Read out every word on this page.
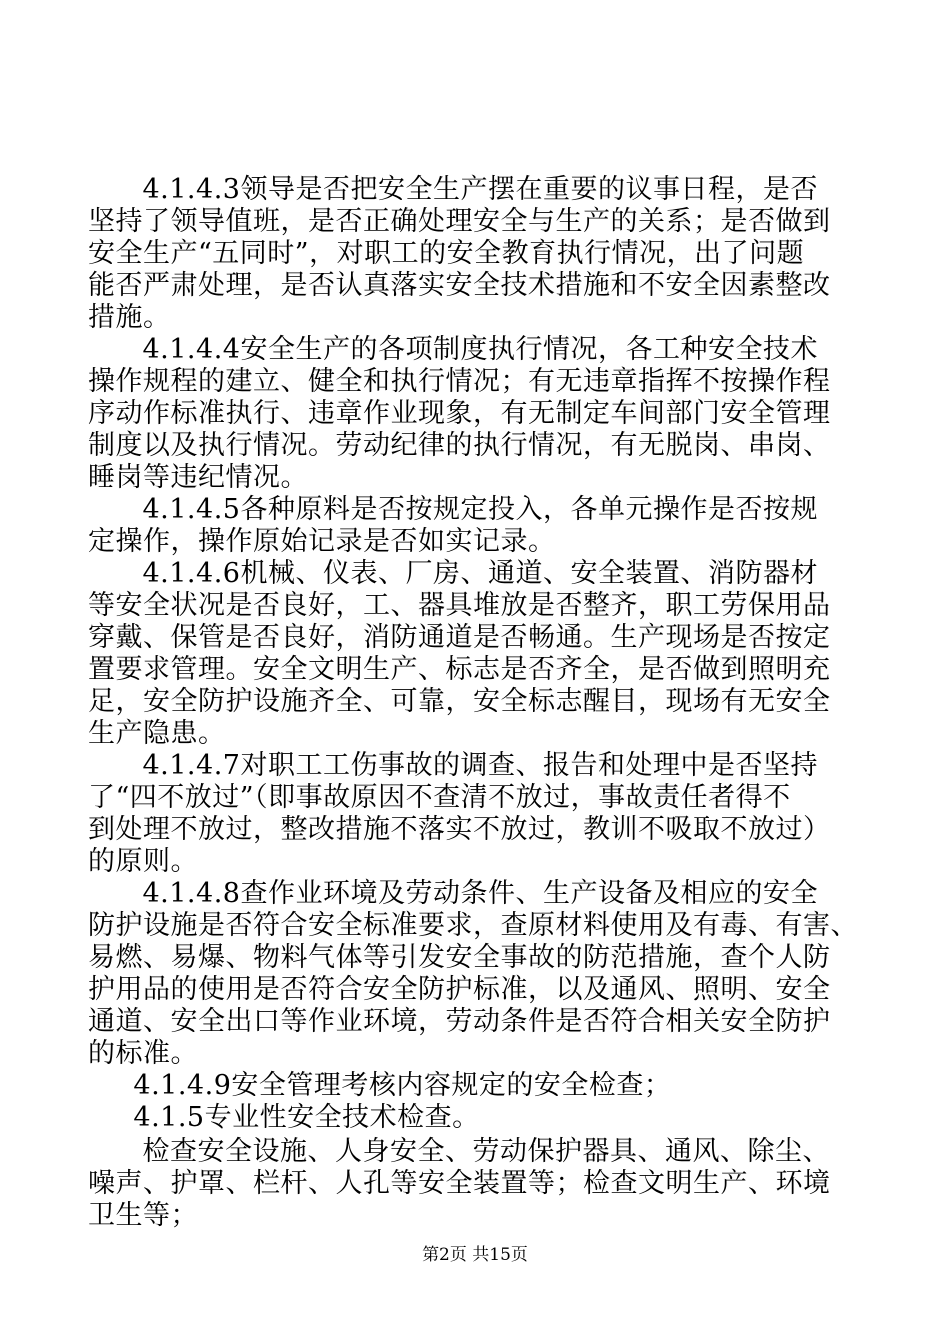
4.1.4.3领导是否把安全生产摆在重要的议事日程，是否
坚持了领导值班，是否正确处理安全与生产的关系；是否做到
安全生产“五同时”，对职工的安全教育执行情况，出了问题
能否严肃处理，是否认真落实安全技术措施和不安全因素整改
措施。
4.1.4.4安全生产的各项制度执行情况，各工种安全技术
操作规程的建立、健全和执行情况；有无违章指挥不按操作程
序动作标准执行、违章作业现象，有无制定车间部门安全管理
制度以及执行情况。劳动纪律的执行情况，有无脱岗、串岗、
睡岗等违纪情况。
4.1.4.5各种原料是否按规定投入，各单元操作是否按规
定操作，操作原始记录是否如实记录。
4.1.4.6机械、仪表、厂房、通道、安全装置、消防器材
等安全状况是否良好，工、器具堆放是否整齐，职工劳保用品
穿戴、保管是否良好，消防通道是否畅通。生产现场是否按定
置要求管理。安全文明生产、标志是否齐全，是否做到照明充
足，安全防护设施齐全、可靠，安全标志醒目，现场有无安全
生产隐患。
4.1.4.7对职工工伤事故的调查、报告和处理中是否坚持
了“四不放过”（即事故原因不查清不放过，事故责任者得不
到处理不放过，整改措施不落实不放过，教训不吸取不放过）
的原则。
4.1.4.8查作业环境及劳动条件、生产设备及相应的安全
防护设施是否符合安全标准要求，查原材料使用及有毒、有害、
易燃、易爆、物料气体等引发安全事故的防范措施，查个人防
护用品的使用是否符合安全防护标准，以及通风、照明、安全
通道、安全出口等作业环境，劳动条件是否符合相关安全防护
的标准。
4.1.4.9安全管理考核内容规定的安全检查；
4.1.5专业性安全技术检查。
检查安全设施、人身安全、劳动保护器具、通风、除尘、
噪声、护罩、栏杆、人孔等安全装置等；检查文明生产、环境
卫生等；
第2页 共15页
